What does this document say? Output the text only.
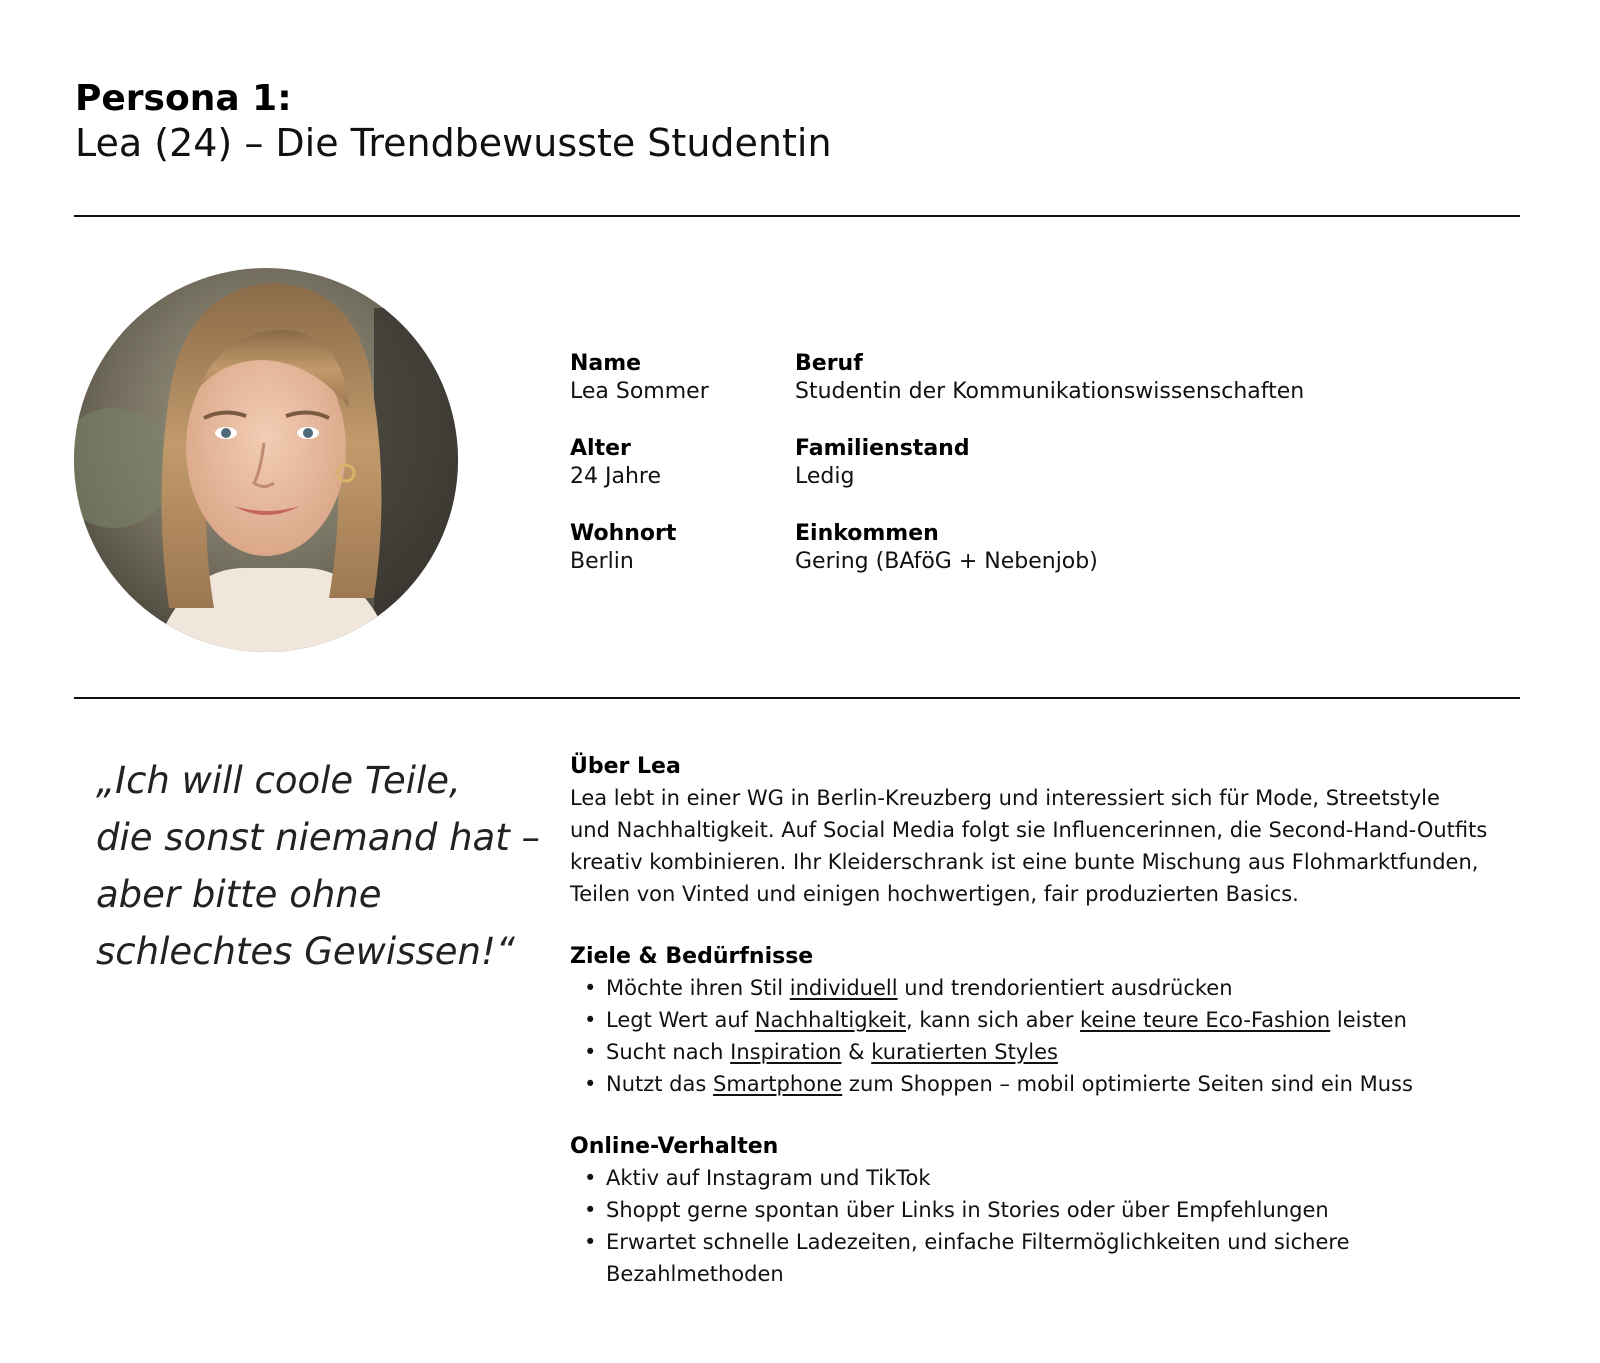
Persona 1:
Lea (24) – Die Trendbewusste Studentin
Name
Lea Sommer
Beruf
Studentin der Kommunikationswissenschaften
Alter
24 Jahre
Familienstand
Ledig
Wohnort
Berlin
Einkommen
Gering (BAföG + Nebenjob)
„Ich will coole Teile,
die sonst niemand hat –
aber bitte ohne
schlechtes Gewissen!“
Über Lea

Lea lebt in einer WG in Berlin-Kreuzberg und interessiert sich für Mode, Streetstyle
und Nachhaltigkeit. Auf Social Media folgt sie Influencerinnen, die Second-Hand-Outfits
kreativ kombinieren. Ihr Kleiderschrank ist eine bunte Mischung aus Flohmarktfunden,
Teilen von Vinted und einigen hochwertigen, fair produzierten Basics.

Ziele & Bedürfnisse
• Möchte ihren Stil individuell und trendorientiert ausdrücken
• Legt Wert auf Nachhaltigkeit, kann sich aber keine teure Eco-Fashion leisten
• Sucht nach Inspiration & kuratierten Styles
• Nutzt das Smartphone zum Shoppen – mobil optimierte Seiten sind ein Muss
Online-Verhalten
• Aktiv auf Instagram und TikTok
• Shoppt gerne spontan über Links in Stories oder über Empfehlungen
• Erwartet schnelle Ladezeiten, einfache Filtermöglichkeiten und sichere
Bezahlmethoden
